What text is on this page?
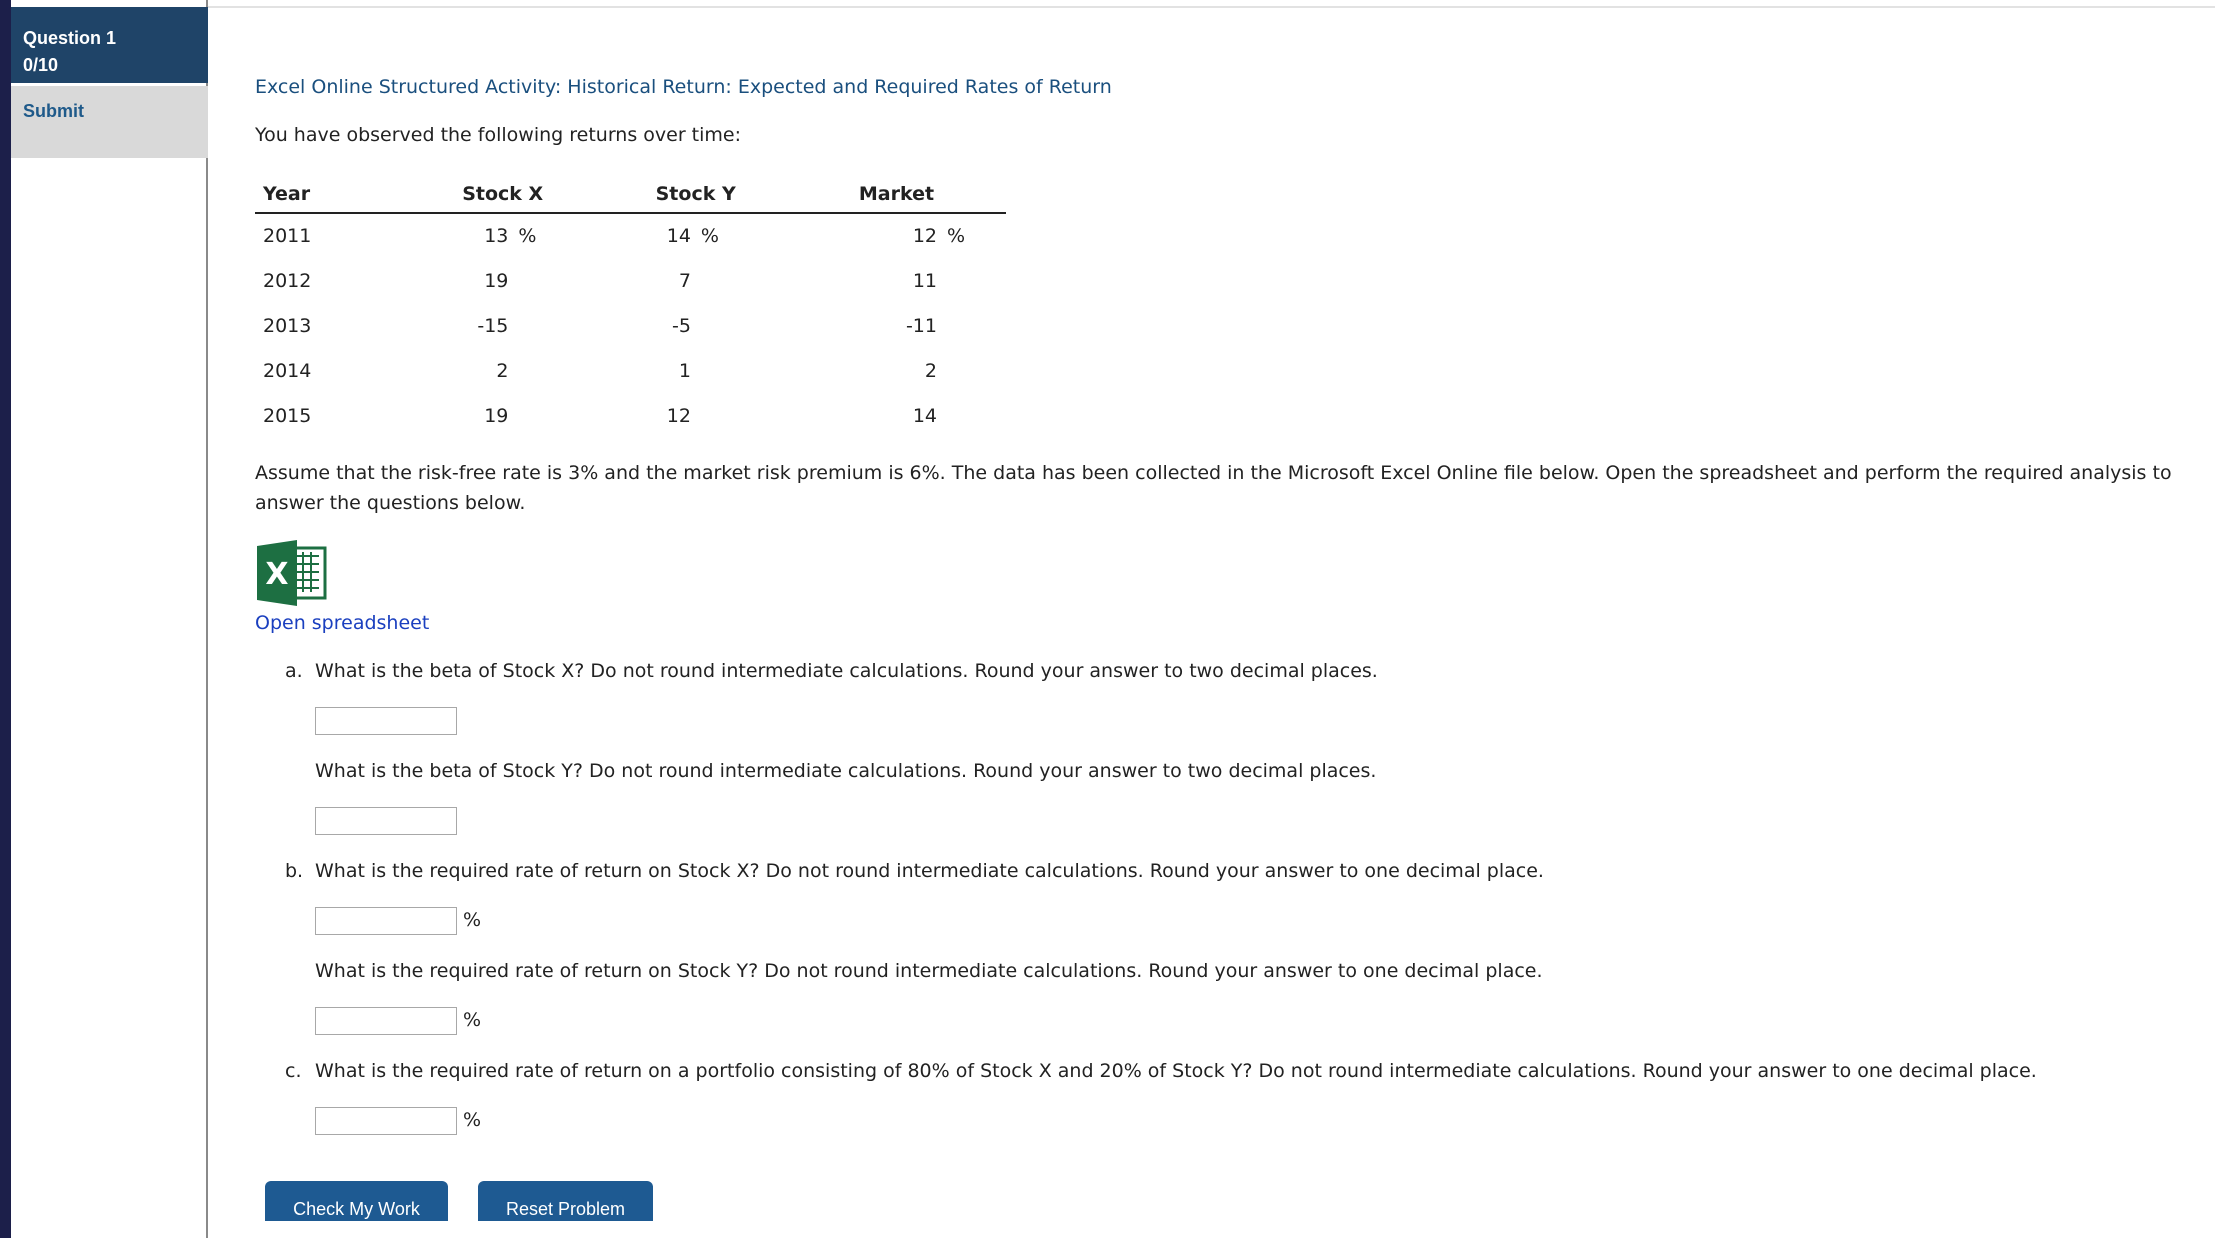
Question 1
0/10
Submit
Excel Online Structured Activity: Historical Return: Expected and Required Rates of Return
You have observed the following returns over time:
Year	Stock X	Stock Y	Market
2011	13 %	14 %	12 %
2012	19	7	11
2013	-15	-5	-11
2014	2	1	2
2015	19	12	14
Assume that the risk-free rate is 3% and the market risk premium is 6%. The data has been collected in the Microsoft Excel Online file below. Open the spreadsheet and perform the required analysis to answer the questions below.
X
Open spreadsheet
a. What is the beta of Stock X? Do not round intermediate calculations. Round your answer to two decimal places.
What is the beta of Stock Y? Do not round intermediate calculations. Round your answer to two decimal places.
b. What is the required rate of return on Stock X? Do not round intermediate calculations. Round your answer to one decimal place.
%
What is the required rate of return on Stock Y? Do not round intermediate calculations. Round your answer to one decimal place.
%
c. What is the required rate of return on a portfolio consisting of 80% of Stock X and 20% of Stock Y? Do not round intermediate calculations. Round your answer to one decimal place.
%
Check My Work	Reset Problem
